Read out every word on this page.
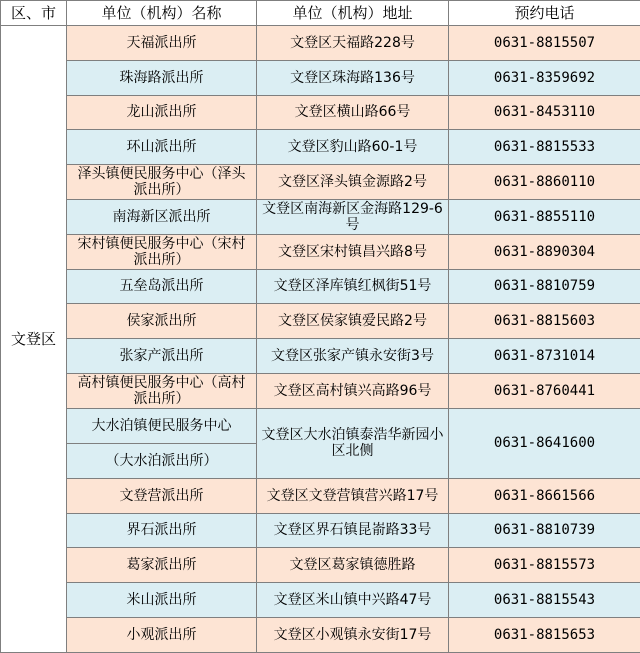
区、市	单位（机构）名称	单位（机构）地址	预约电话
文登区	天福派出所	文登区天福路228号	0631-8815507
	珠海路派出所	文登区珠海路136号	0631-8359692
	龙山派出所	文登区横山路66号	0631-8453110
	环山派出所	文登区豹山路60-1号	0631-8815533
	泽头镇便民服务中心（泽头派出所）	文登区泽头镇金源路2号	0631-8860110
	南海新区派出所	文登区南海新区金海路129-6号	0631-8855110
	宋村镇便民服务中心（宋村派出所）	文登区宋村镇昌兴路8号	0631-8890304
	五垒岛派出所	文登区泽库镇红枫街51号	0631-8810759
	侯家派出所	文登区侯家镇爱民路2号	0631-8815603
	张家产派出所	文登区张家产镇永安街3号	0631-8731014
	高村镇便民服务中心（高村派出所）	文登区高村镇兴高路96号	0631-8760441
	大水泊镇便民服务中心	文登区大水泊镇泰浩华新园小区北侧	0631-8641600
	（大水泊派出所）		
	文登营派出所	文登区文登营镇营兴路17号	0631-8661566
	界石派出所	文登区界石镇昆嵛路33号	0631-8810739
	葛家派出所	文登区葛家镇德胜路	0631-8815573
	米山派出所	文登区米山镇中兴路47号	0631-8815543
	小观派出所	文登区小观镇永安街17号	0631-8815653
